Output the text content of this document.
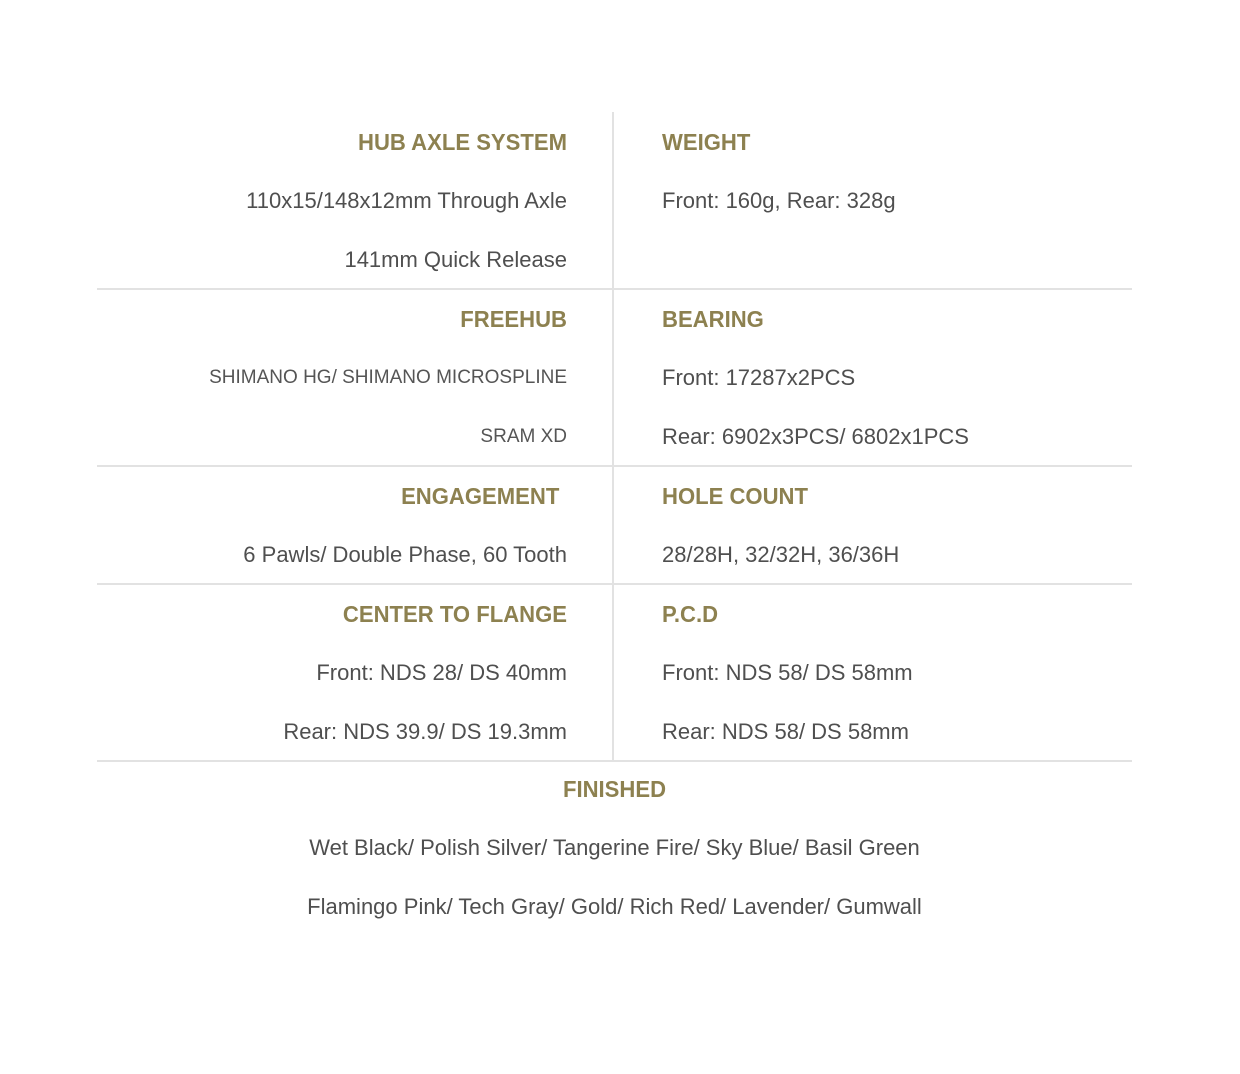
HUB AXLE SYSTEM
110x15/148x12mm Through Axle
141mm Quick Release
WEIGHT
Front: 160g, Rear: 328g
FREEHUB
SHIMANO HG/ SHIMANO MICROSPLINE
SRAM XD
BEARING
Front: 17287x2PCS
Rear: 6902x3PCS/ 6802x1PCS
ENGAGEMENT
6 Pawls/ Double Phase, 60 Tooth
HOLE COUNT
28/28H, 32/32H, 36/36H
CENTER TO FLANGE
Front: NDS 28/ DS 40mm
Rear: NDS 39.9/ DS 19.3mm
P.C.D
Front: NDS 58/ DS 58mm
Rear: NDS 58/ DS 58mm
FINISHED
Wet Black/ Polish Silver/ Tangerine Fire/ Sky Blue/ Basil Green
Flamingo Pink/ Tech Gray/ Gold/ Rich Red/ Lavender/ Gumwall
